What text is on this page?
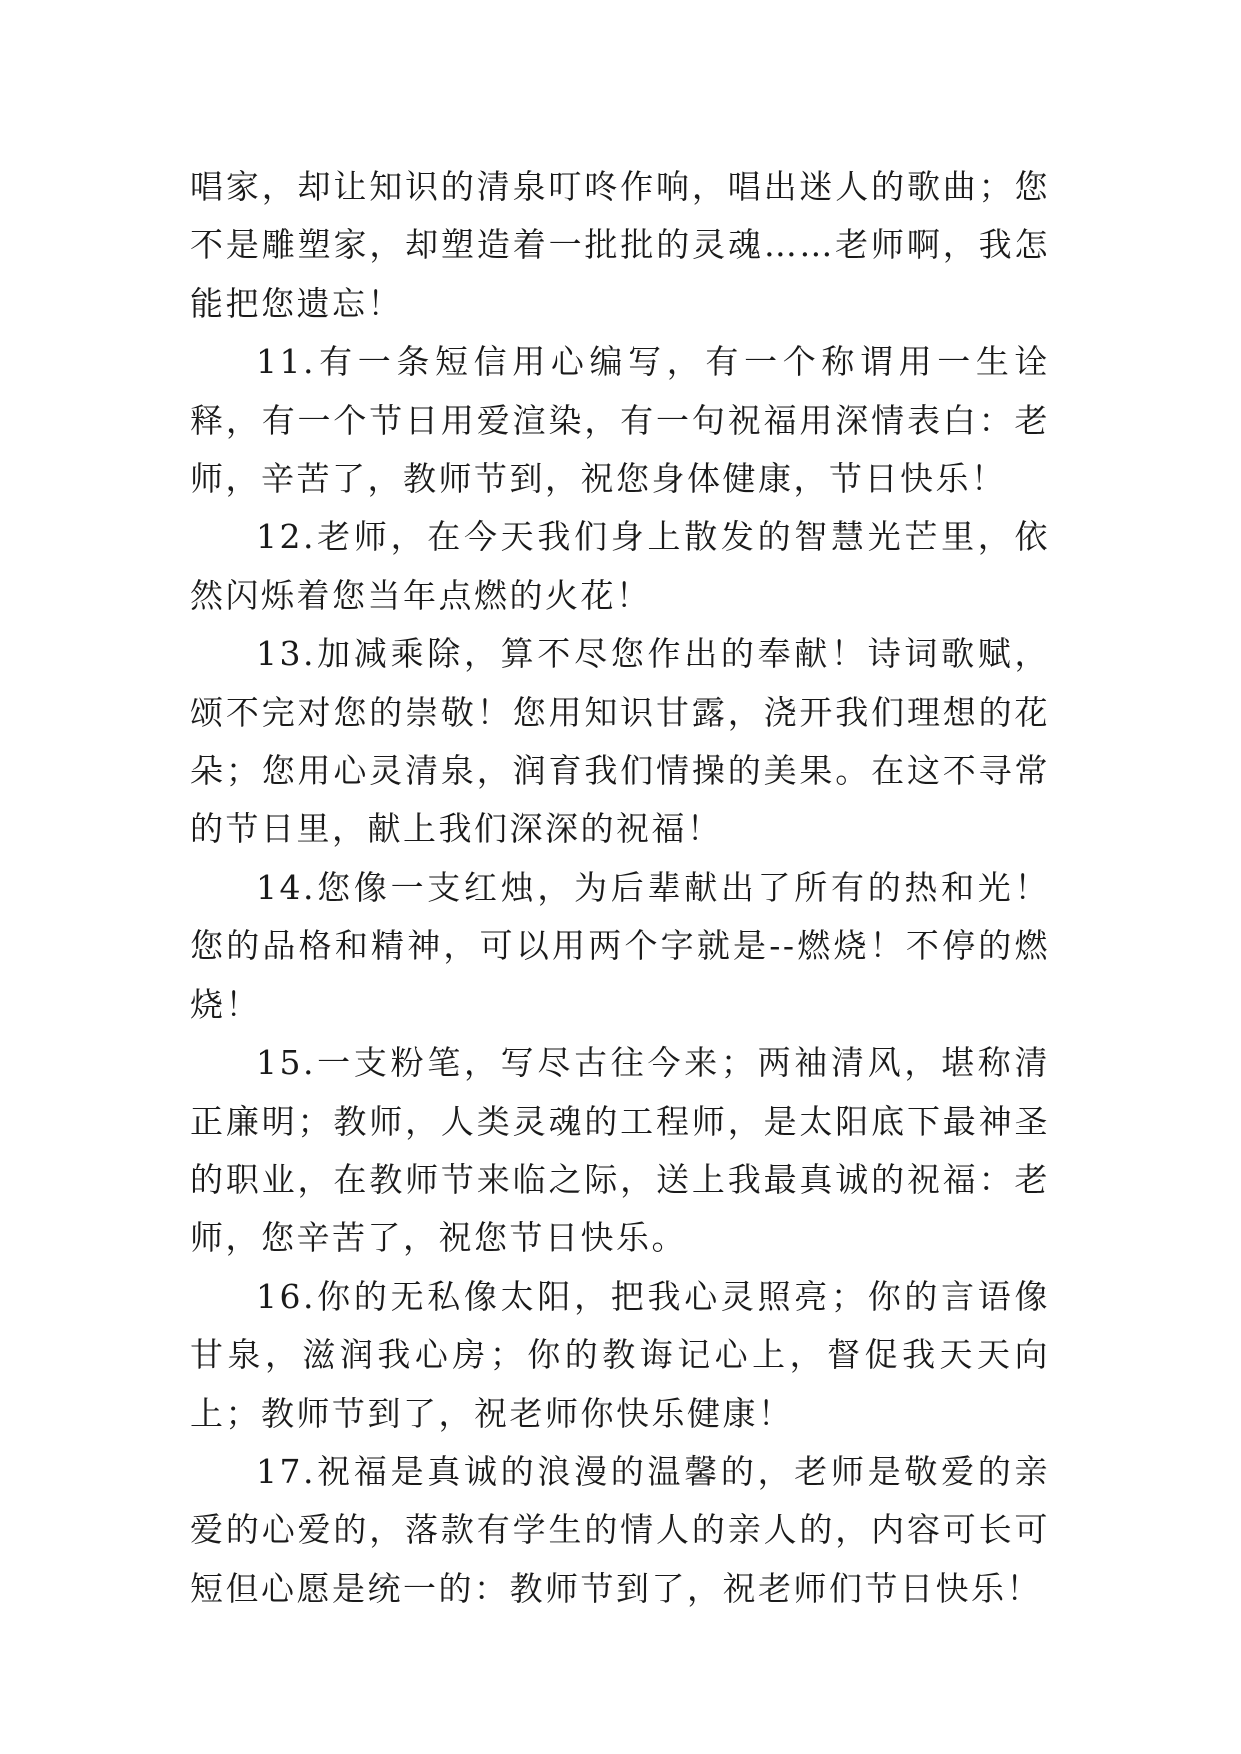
唱家，却让知识的清泉叮咚作响，唱出迷人的歌曲；您不是雕塑家，却塑造着一批批的灵魂……老师啊，我怎能把您遗忘！

11.有一条短信用心编写，有一个称谓用一生诠释，有一个节日用爱渲染，有一句祝福用深情表白：老师，辛苦了，教师节到，祝您身体健康，节日快乐！

12.老师，在今天我们身上散发的智慧光芒里，依然闪烁着您当年点燃的火花！

13.加减乘除，算不尽您作出的奉献！诗词歌赋，颂不完对您的崇敬！您用知识甘露，浇开我们理想的花朵；您用心灵清泉，润育我们情操的美果。在这不寻常的节日里，献上我们深深的祝福！

14.您像一支红烛，为后辈献出了所有的热和光！您的品格和精神，可以用两个字就是--燃烧！不停的燃烧！

15.一支粉笔，写尽古往今来；两袖清风，堪称清正廉明；教师，人类灵魂的工程师，是太阳底下最神圣的职业，在教师节来临之际，送上我最真诚的祝福：老师，您辛苦了，祝您节日快乐。

16.你的无私像太阳，把我心灵照亮；你的言语像甘泉，滋润我心房；你的教诲记心上，督促我天天向上；教师节到了，祝老师你快乐健康！

17.祝福是真诚的浪漫的温馨的，老师是敬爱的亲爱的心爱的，落款有学生的情人的亲人的，内容可长可短但心愿是统一的：教师节到了，祝老师们节日快乐！
